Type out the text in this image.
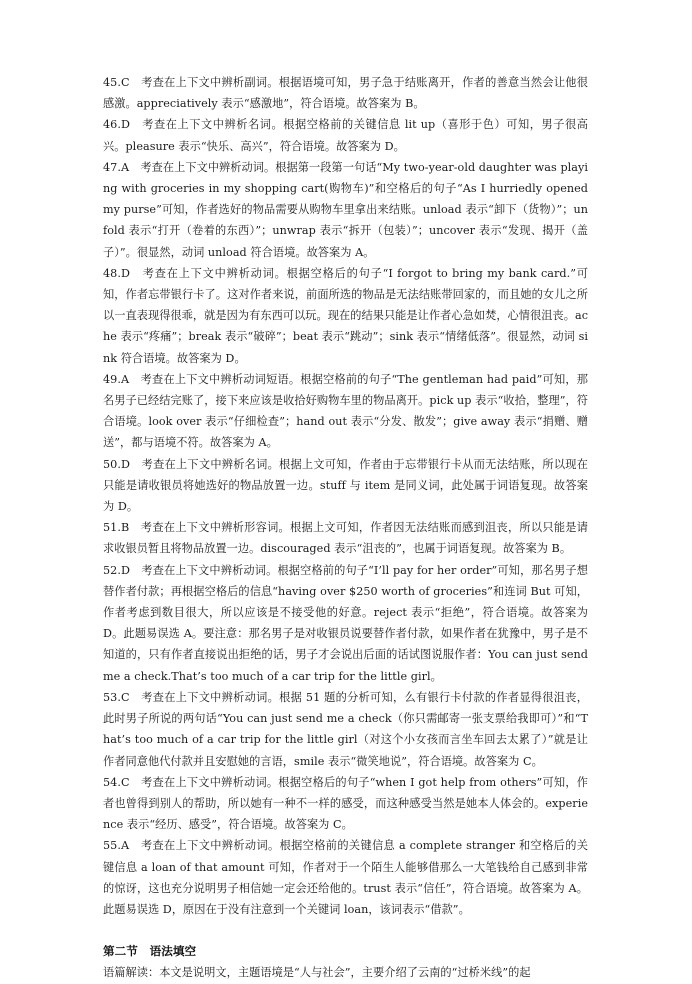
45.C　考查在上下文中辨析副词。根据语境可知，男子急于结账离开，作者的善意当然会让他很感激。appreciatively 表示“感激地”，符合语境。故答案为 B。

46.D　考查在上下文中辨析名词。根据空格前的关键信息 lit up（喜形于色）可知，男子很高兴。pleasure 表示“快乐、高兴”，符合语境。故答案为 D。

47.A　考查在上下文中辨析动词。根据第一段第一句话“My two-year-old daughter was playing with groceries in my shopping cart(购物车)”和空格后的句子“As I hurriedly opened my purse”可知，作者选好的物品需要从购物车里拿出来结账。unload 表示“卸下（货物）”；unfold 表示“打开（卷着的东西）”；unwrap 表示“拆开（包装）”；uncover 表示“发现、揭开（盖子）”。很显然，动词 unload 符合语境。故答案为 A。

48.D　考查在上下文中辨析动词。根据空格后的句子“I forgot to bring my bank card.”可知，作者忘带银行卡了。这对作者来说，前面所选的物品是无法结账带回家的，而且她的女儿之所以一直表现得很乖，就是因为有东西可以玩。现在的结果只能是让作者心急如焚，心情很沮丧。ache 表示“疼痛”；break 表示“破碎”；beat 表示“跳动”；sink 表示“情绪低落”。很显然，动词 sink 符合语境。故答案为 D。

49.A　考查在上下文中辨析动词短语。根据空格前的句子“The gentleman had paid”可知，那名男子已经结完账了，接下来应该是收拾好购物车里的物品离开。pick up 表示“收拾，整理”，符合语境。look over 表示“仔细检查”；hand out 表示“分发、散发”；give away 表示“捐赠、赠送”，都与语境不符。故答案为 A。

50.D　考查在上下文中辨析名词。根据上文可知，作者由于忘带银行卡从而无法结账，所以现在只能是请收银员将她选好的物品放置一边。stuff 与 item 是同义词，此处属于词语复现。故答案为 D。

51.B　考查在上下文中辨析形容词。根据上文可知，作者因无法结账而感到沮丧，所以只能是请求收银员暂且将物品放置一边。discouraged 表示“沮丧的”，也属于词语复现。故答案为 B。

52.D　考查在上下文中辨析动词。根据空格前的句子“I’ll pay for her order”可知，那名男子想替作者付款；再根据空格后的信息“having over $250 worth of groceries”和连词 But 可知，作者考虑到数目很大，所以应该是不接受他的好意。reject 表示“拒绝”，符合语境。故答案为 D。此题易误选 A。要注意：那名男子是对收银员说要替作者付款，如果作者在犹豫中，男子是不知道的，只有作者直接说出拒绝的话，男子才会说出后面的话试图说服作者：You can just send me a check.That’s too much of a car trip for the little girl。

53.C　考查在上下文中辨析动词。根据 51 题的分析可知，么有银行卡付款的作者显得很沮丧，此时男子所说的两句话“You can just send me a check（你只需邮寄一张支票给我即可）”和“That’s too much of a car trip for the little girl（对这个小女孩而言坐车回去太累了）”就是让作者同意他代付款并且安慰她的言语，smile 表示“微笑地说”，符合语境。故答案为 C。

54.C　考查在上下文中辨析动词。根据空格后的句子“when I got help from others”可知，作者也曾得到别人的帮助，所以她有一种不一样的感受，而这种感受当然是她本人体会的。experience 表示“经历、感受”，符合语境。故答案为 C。

55.A　考查在上下文中辨析动词。根据空格前的关键信息 a complete stranger 和空格后的关键信息 a loan of that amount 可知，作者对于一个陌生人能够借那么一大笔钱给自己感到非常的惊讶，这也充分说明男子相信她一定会还给他的。trust 表示“信任”，符合语境。故答案为 A。此题易误选 D，原因在于没有注意到一个关键词 loan，该词表示“借款”。

第二节　语法填空

语篇解读：本文是说明文，主题语境是“人与社会”，主要介绍了云南的“过桥米线”的起
